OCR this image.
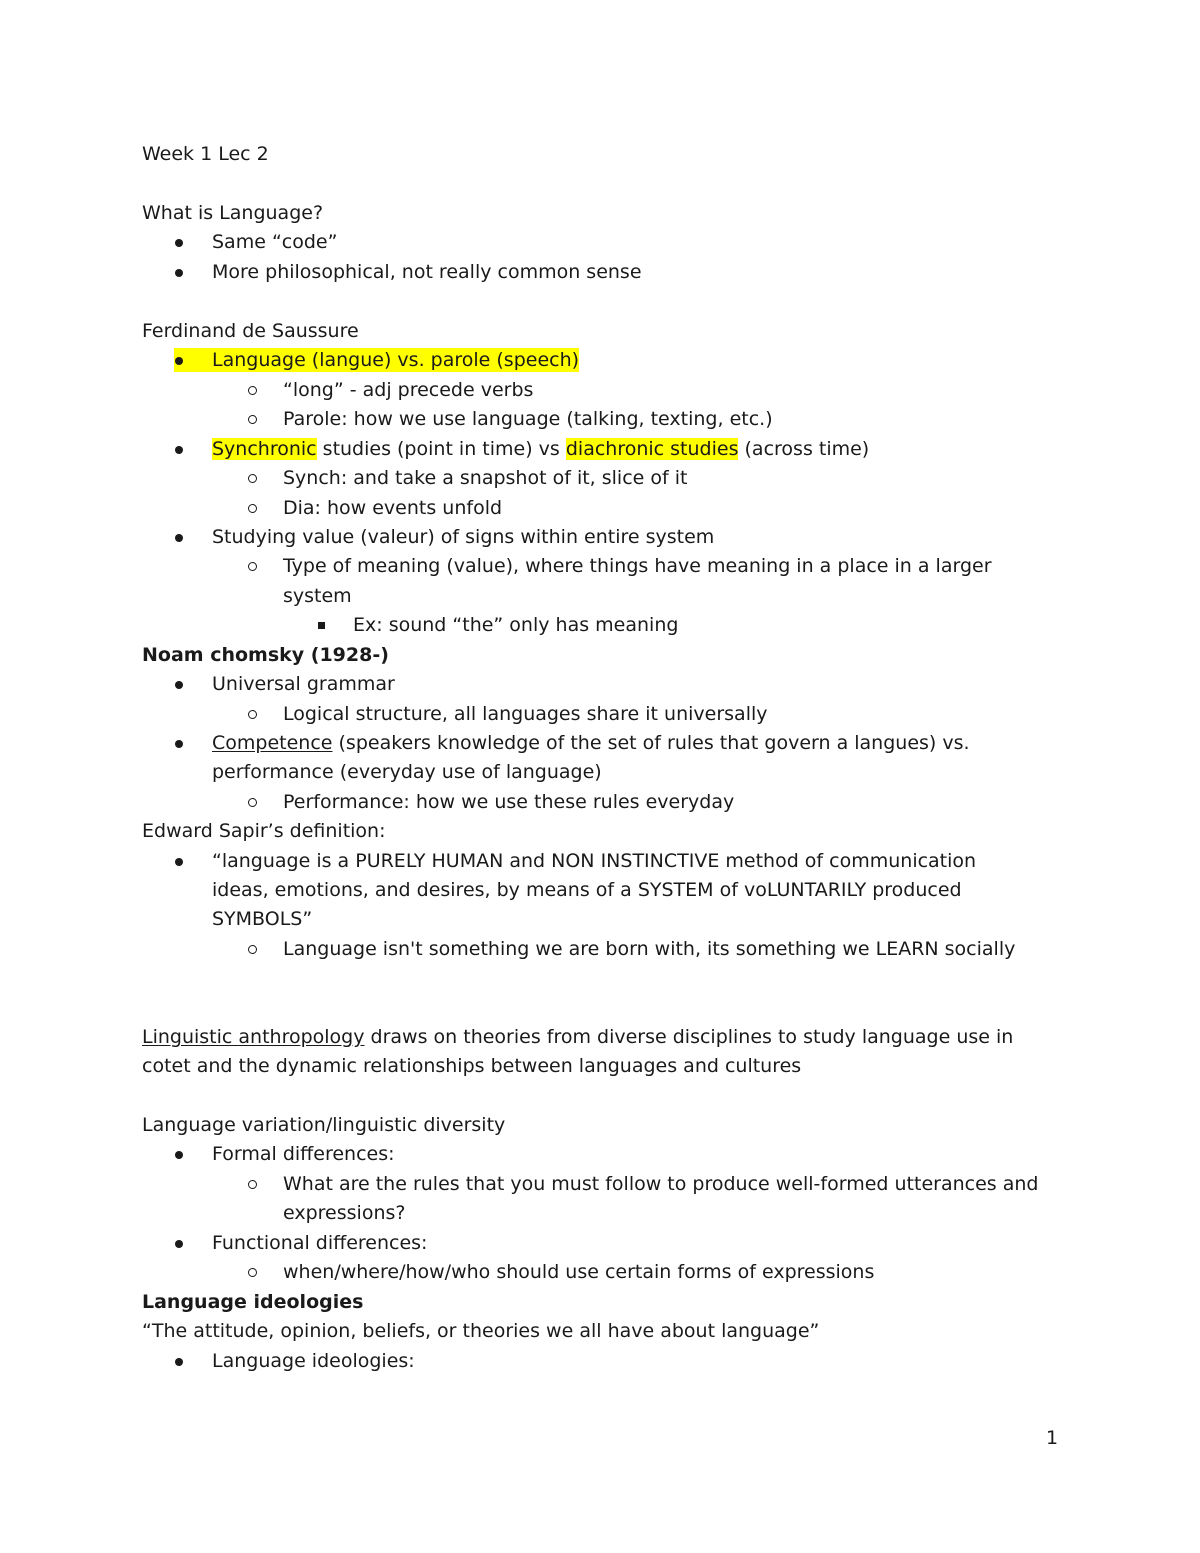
Week 1 Lec 2
What is Language?
Same “code”
More philosophical, not really common sense
Ferdinand de Saussure
Language (langue) vs. parole (speech)
“long” - adj precede verbs
Parole: how we use language (talking, texting, etc.)
Synchronic studies (point in time) vs diachronic studies (across time)
Synch: and take a snapshot of it, slice of it
Dia: how events unfold
Studying value (valeur) of signs within entire system
Type of meaning (value), where things have meaning in a place in a larger
system
Ex: sound “the” only has meaning
Noam chomsky (1928-)
Universal grammar
Logical structure, all languages share it universally
Competence (speakers knowledge of the set of rules that govern a langues) vs.
performance (everyday use of language)
Performance: how we use these rules everyday
Edward Sapir’s definition:
“language is a PURELY HUMAN and NON INSTINCTIVE method of communication
ideas, emotions, and desires, by means of a SYSTEM of voLUNTARILY produced
SYMBOLS”
Language isn't something we are born with, its something we LEARN socially
Linguistic anthropology draws on theories from diverse disciplines to study language use in
cotet and the dynamic relationships between languages and cultures
Language variation/linguistic diversity
Formal differences:
What are the rules that you must follow to produce well-formed utterances and
expressions?
Functional differences:
when/where/how/who should use certain forms of expressions
Language ideologies
“The attitude, opinion, beliefs, or theories we all have about language”
Language ideologies:
1
